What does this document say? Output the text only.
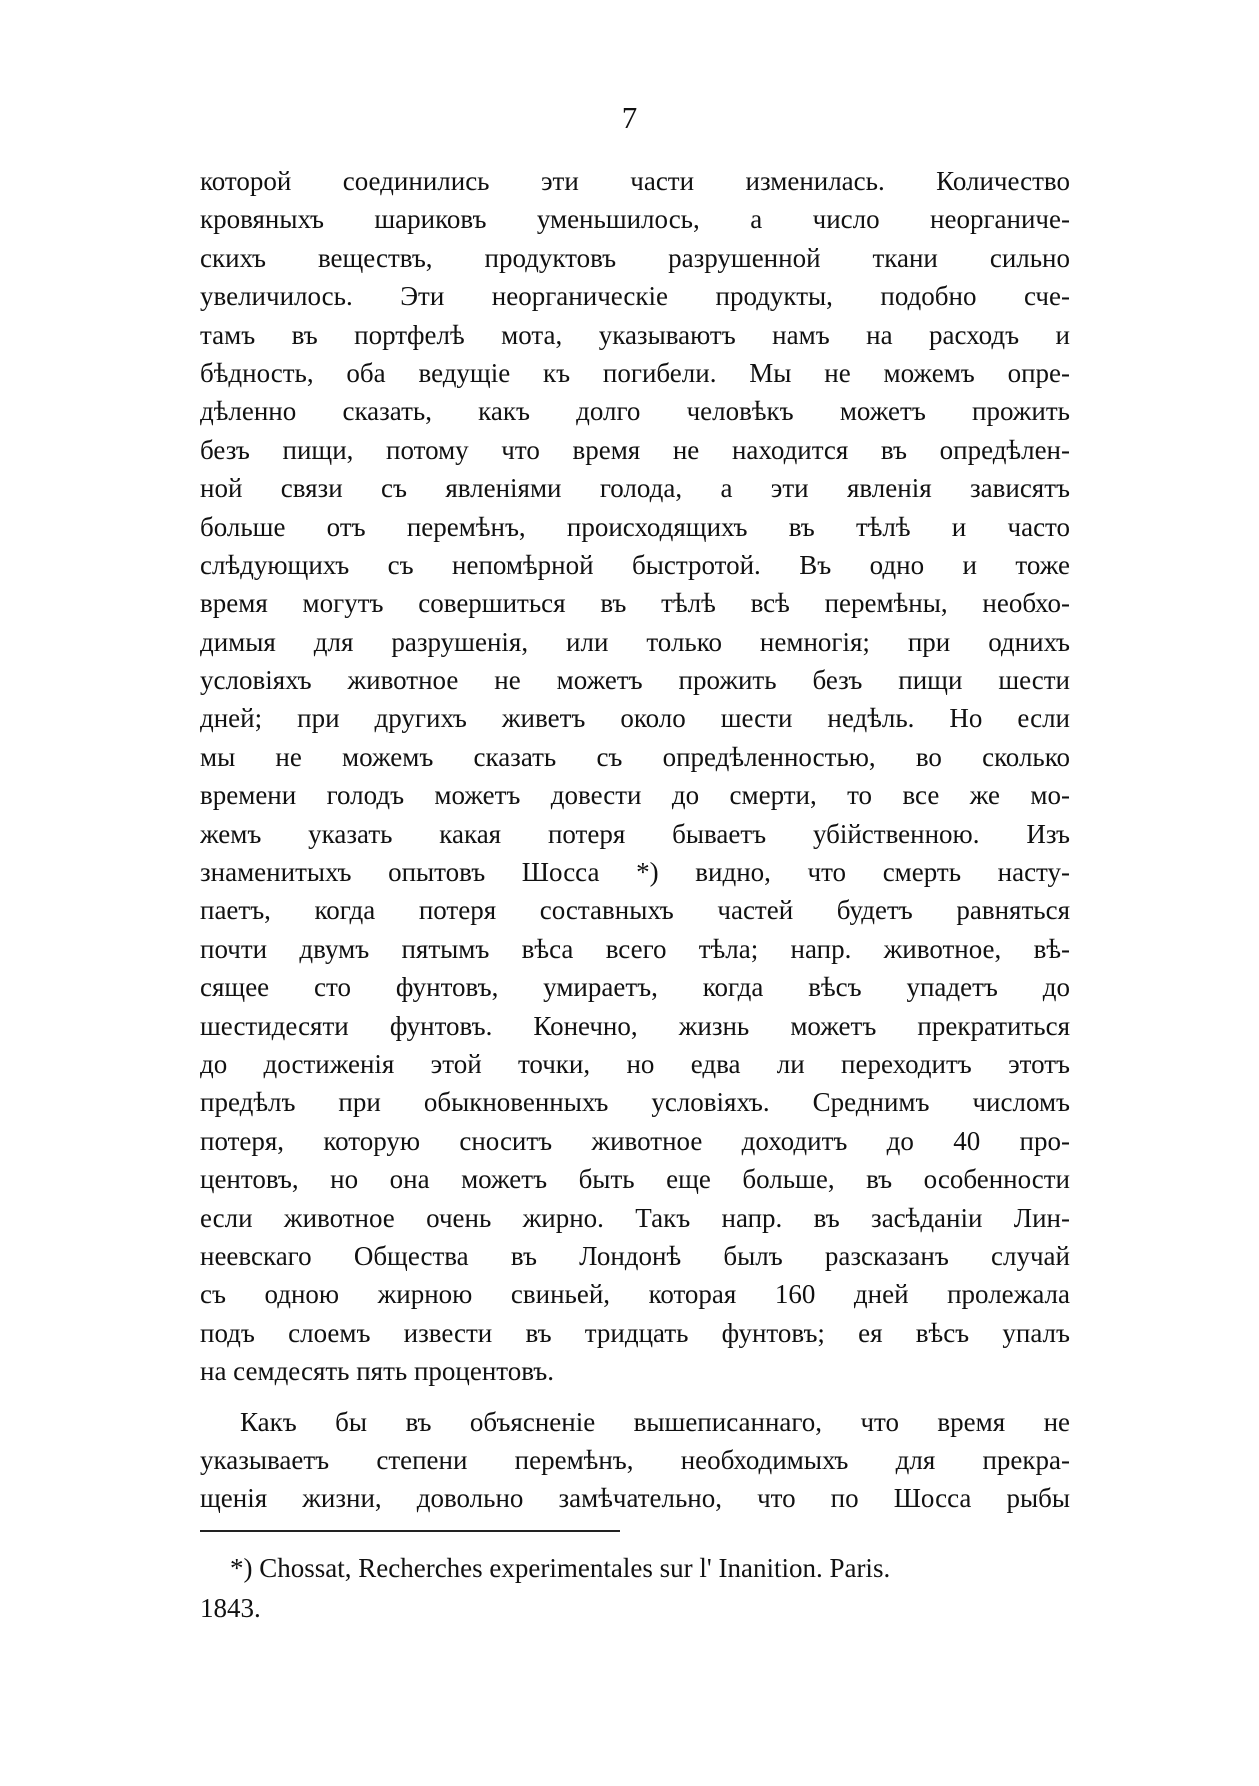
7
которой соединились эти части изменилась. Количество
кровяныхъ шариковъ уменьшилось, а число неорганиче-
скихъ веществъ, продуктовъ разрушенной ткани сильно
увеличилось. Эти неорганическіе продукты, подобно сче-
тамъ въ портфелѣ мота, указываютъ намъ на расходъ и
бѣдность, оба ведущіе къ погибели. Мы не можемъ опре-
дѣленно сказать, какъ долго человѣкъ можетъ прожить
безъ пищи, потому что время не находится въ опредѣлен-
ной связи съ явленіями голода, а эти явленія зависятъ
больше отъ перемѣнъ, происходящихъ въ тѣлѣ и часто
слѣдующихъ съ непомѣрной быстротой. Въ одно и тоже
время могутъ совершиться въ тѣлѣ всѣ перемѣны, необхо-
димыя для разрушенія, или только немногія; при однихъ
условіяхъ животное не можетъ прожить безъ пищи шести
дней; при другихъ живетъ около шести недѣль. Но если
мы не можемъ сказать съ опредѣленностью, во сколько
времени голодъ можетъ довести до смерти, то все же мо-
жемъ указать какая потеря бываетъ убійственною. Изъ
знаменитыхъ опытовъ Шосса *) видно, что смерть насту-
паетъ, когда потеря составныхъ частей будетъ равняться
почти двумъ пятымъ вѣса всего тѣла; напр. животное, вѣ-
сящее сто фунтовъ, умираетъ, когда вѣсъ упадетъ до
шестидесяти фунтовъ. Конечно, жизнь можетъ прекратиться
до достиженія этой точки, но едва ли переходитъ этотъ
предѣлъ при обыкновенныхъ условіяхъ. Среднимъ числомъ
потеря, которую сноситъ животное доходитъ до 40 про-
центовъ, но она можетъ быть еще больше, въ особенности
если животное очень жирно. Такъ напр. въ засѣданіи Лин-
неевскаго Общества въ Лондонѣ былъ разсказанъ случай
съ одною жирною свиньей, которая 160 дней пролежала
подъ слоемъ извести въ тридцать фунтовъ; ея вѣсъ упалъ
на семдесять пять процентовъ.
Какъ бы въ объясненіе вышеписаннаго, что время не
указываетъ степени перемѣнъ, необходимыхъ для прекра-
щенія жизни, довольно замѣчательно, что по Шосса рыбы
*) Chossat, Recherches experimentales sur l' Inanition. Paris.
1843.
